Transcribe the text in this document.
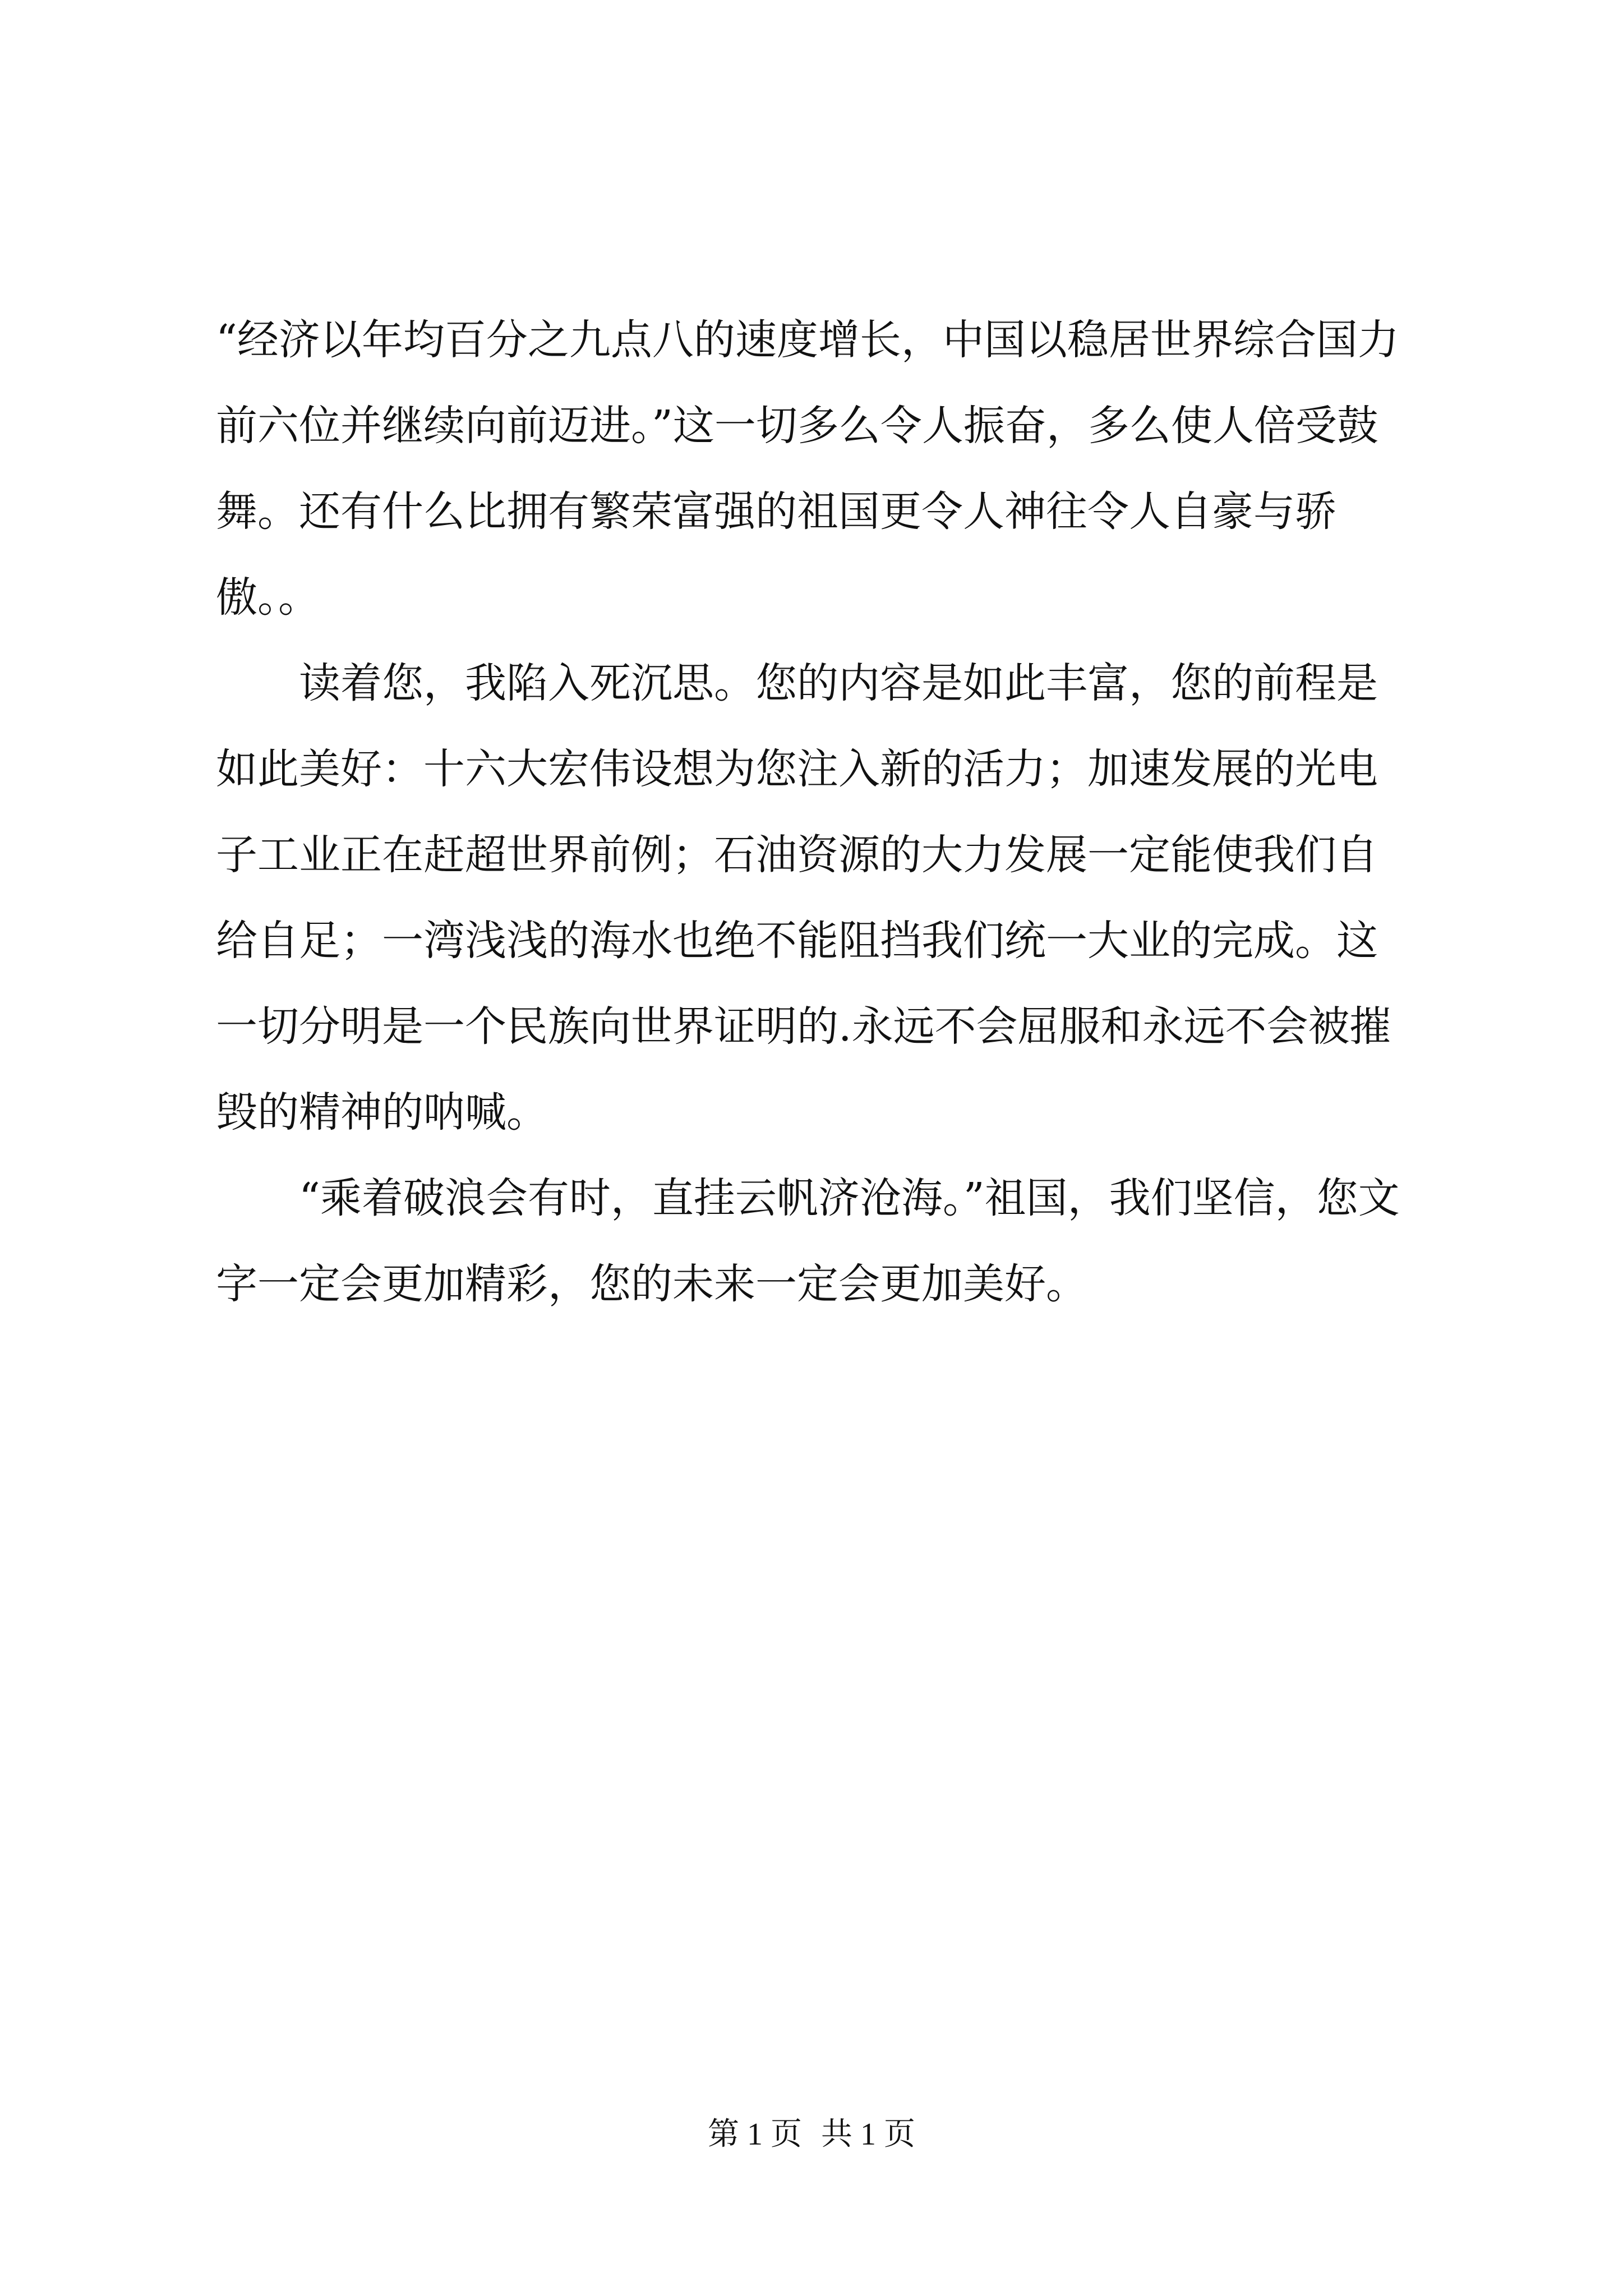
“经济以年均百分之九点八的速度增长，中国以稳居世界综合国力前六位并继续向前迈进。”这一切多么令人振奋，多么使人倍受鼓舞。还有什么比拥有繁荣富强的祖国更令人神往令人自豪与骄傲。。

读着您，我陷入死沉思。您的内容是如此丰富，您的前程是如此美好：十六大宏伟设想为您注入新的活力；加速发展的光电子工业正在赶超世界前例；石油资源的大力发展一定能使我们自给自足；一湾浅浅的海水也绝不能阻挡我们统一大业的完成。这一切分明是一个民族向世界证明的.永远不会屈服和永远不会被摧毁的精神的呐喊。

“乘着破浪会有时，直挂云帆济沧海。”祖国，我们坚信，您文字一定会更加精彩，您的未来一定会更加美好。

第 1 页 共 1 页
